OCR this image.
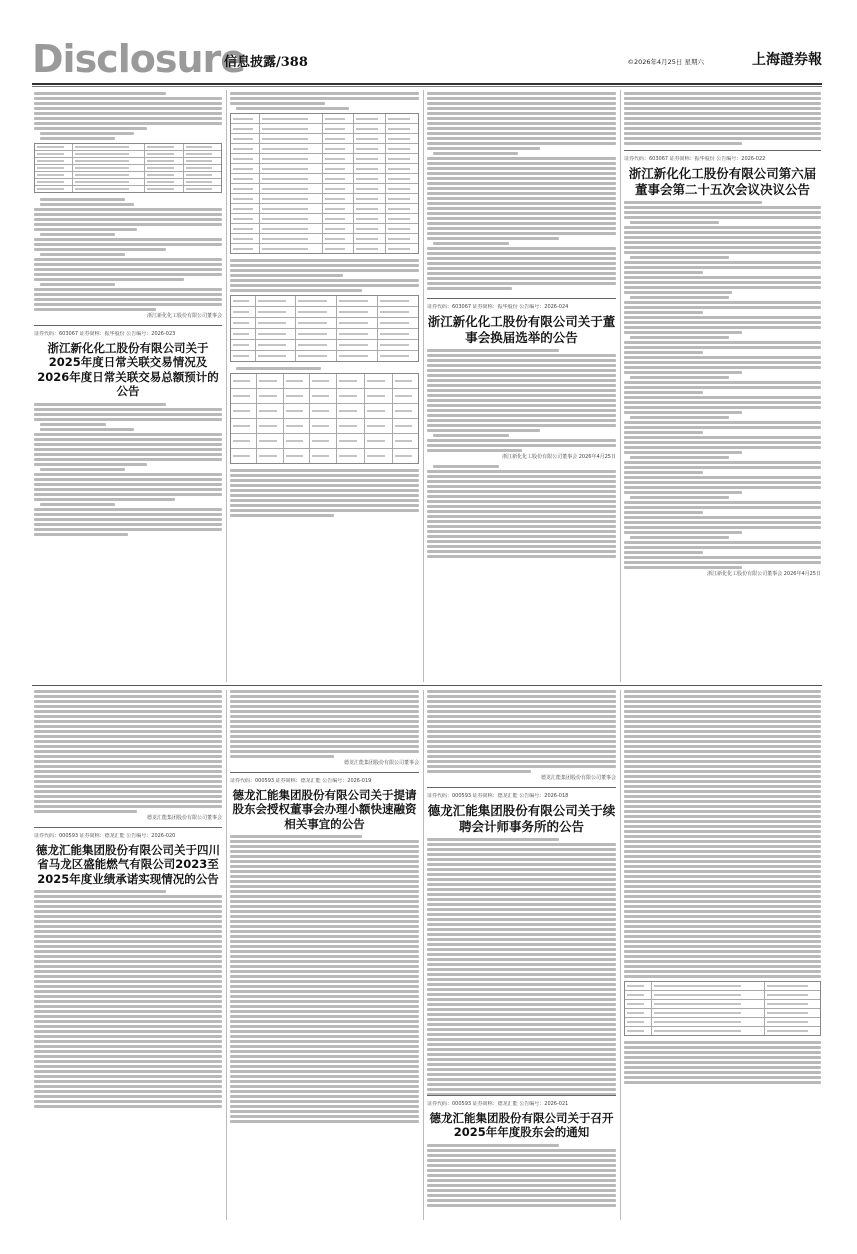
Disclosure
信息披露/388	©2026年4月25日 星期六	上海證券報
浙江新化化工股份有限公司董事会
证券代码：603067 证券简称：振华股份 公告编号：2026-023
浙江新化化工股份有限公司关于2025年度日常关联交易情况及2026年度日常关联交易总额预计的公告
证券代码：603067 证券简称：振华股份 公告编号：2026-024
浙江新化化工股份有限公司关于董事会换届选举的公告
浙江新化化工股份有限公司董事会 2026年4月25日
证券代码：603067 证券简称：振华股份 公告编号：2026-022
浙江新化化工股份有限公司第六届董事会第二十五次会议决议公告
浙江新化化工股份有限公司董事会 2026年4月25日
德龙汇能集团股份有限公司董事会
证券代码：000593 证券简称：德龙汇能 公告编号：2026-020
德龙汇能集团股份有限公司关于四川省马龙区盛能燃气有限公司2023至2025年度业绩承诺实现情况的公告
德龙汇能集团股份有限公司董事会
证券代码：000593 证券简称：德龙汇能 公告编号：2026-019
德龙汇能集团股份有限公司关于提请股东会授权董事会办理小额快速融资相关事宜的公告
德龙汇能集团股份有限公司董事会
证券代码：000593 证券简称：德龙汇能 公告编号：2026-018
德龙汇能集团股份有限公司关于续聘会计师事务所的公告
证券代码：000593 证券简称：德龙汇能 公告编号：2026-021
德龙汇能集团股份有限公司关于召开2025年年度股东会的通知
